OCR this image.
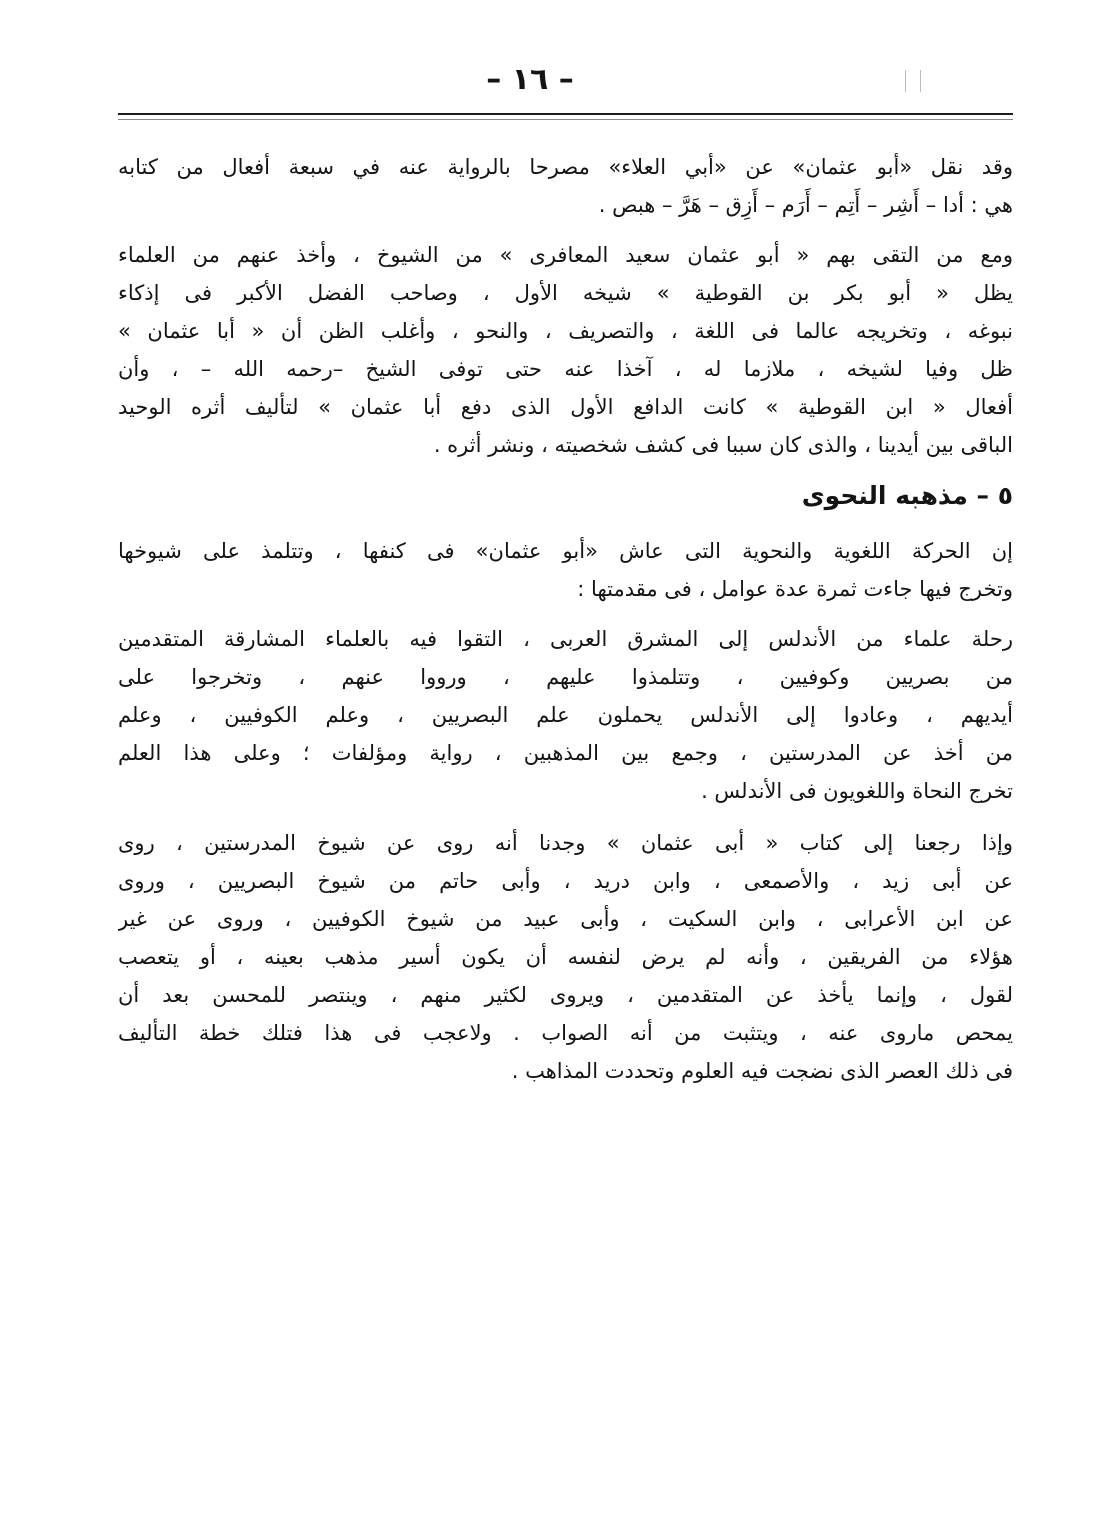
– ١٦ –
وقد نقل «أبو عثمان» عن «أبي العلاء» مصرحا بالرواية عنه في سبعة أفعال من كتابه
هي : أدا – أَشِر – أَتِم – أَرَم – أَزِق – هَرَّ – هبص .
ومع من التقى بهم « أبو عثمان سعيد المعافرى » من الشيوخ ، وأخذ عنهم من العلماء
يظل « أبو بكر بن القوطية » شيخه الأول ، وصاحب الفضل الأكبر فى إذكاء
نبوغه ، وتخريجه عالما فى اللغة ، والتصريف ، والنحو ، وأغلب الظن أن « أبا عثمان »
ظل وفيا لشيخه ، ملازما له ، آخذا عنه حتى توفى الشيخ –رحمه الله – ، وأن
أفعال « ابن القوطية » كانت الدافع الأول الذى دفع أبا عثمان » لتأليف أثره الوحيد
الباقى بين أيدينا ، والذى كان سببا فى كشف شخصيته ، ونشر أثره .
٥ – مذهبه النحوى
إن الحركة اللغوية والنحوية التى عاش «أبو عثمان» فى كنفها ، وتتلمذ على شيوخها
وتخرج فيها جاءت ثمرة عدة عوامل ، فى مقدمتها :
رحلة علماء من الأندلس إلى المشرق العربى ، التقوا فيه بالعلماء المشارقة المتقدمين
من بصريين وكوفيين ، وتتلمذوا عليهم ، ورووا عنهم ، وتخرجوا على
أيديهم ، وعادوا إلى الأندلس يحملون علم البصريين ، وعلم الكوفيين ، وعلم
من أخذ عن المدرستين ، وجمع بين المذهبين ، رواية ومؤلفات ؛ وعلى هذا العلم
تخرج النحاة واللغويون فى الأندلس .
وإذا رجعنا إلى كتاب « أبى عثمان » وجدنا أنه روى عن شيوخ المدرستين ، روى
عن أبى زيد ، والأصمعى ، وابن دريد ، وأبى حاتم من شيوخ البصريين ، وروى
عن ابن الأعرابى ، وابن السكيت ، وأبى عبيد من شيوخ الكوفيين ، وروى عن غير
هؤلاء من الفريقين ، وأنه لم يرض لنفسه أن يكون أسير مذهب بعينه ، أو يتعصب
لقول ، وإنما يأخذ عن المتقدمين ، ويروى لكثير منهم ، وينتصر للمحسن بعد أن
يمحص ماروى عنه ، ويتثبت من أنه الصواب . ولاعجب فى هذا فتلك خطة التأليف
فى ذلك العصر الذى نضجت فيه العلوم وتحددت المذاهب .
